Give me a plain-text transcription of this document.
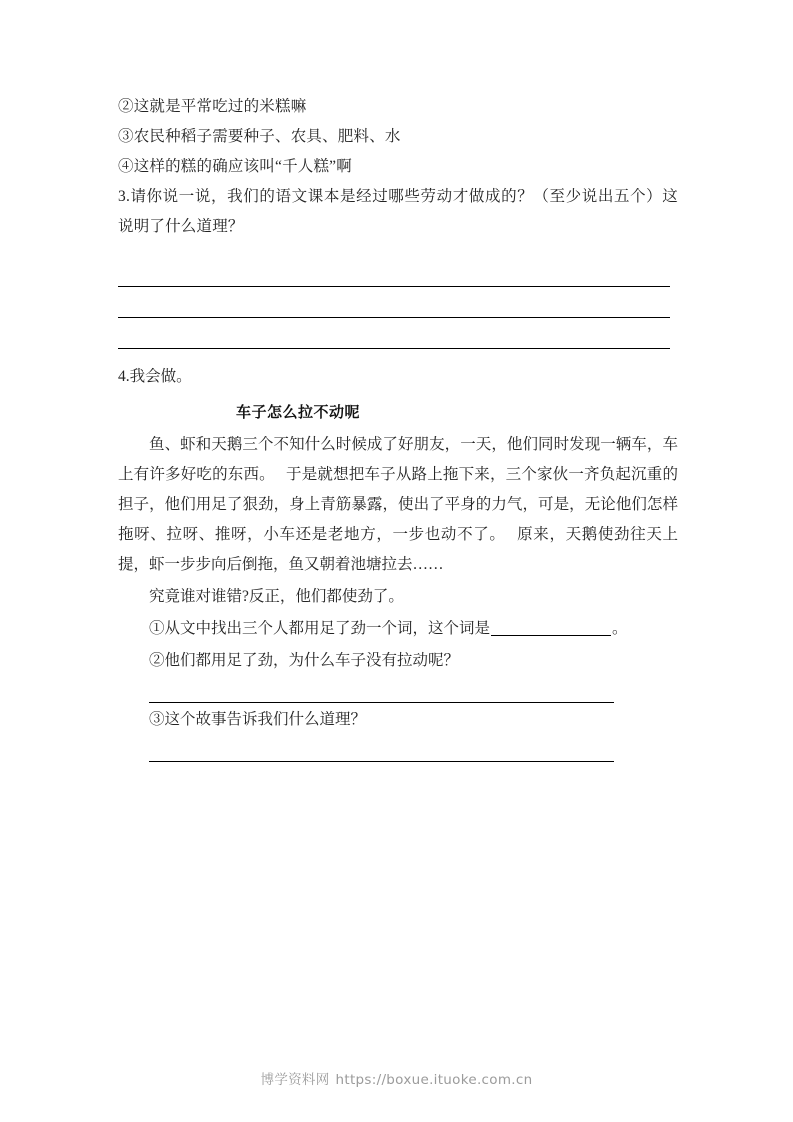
②这就是平常吃过的米糕嘛
③农民种稻子需要种子、农具、肥料、水
④这样的糕的确应该叫“千人糕”啊
3.请你说一说，我们的语文课本是经过哪些劳动才做成的？（至少说出五个）这说明了什么道理？
4.我会做。
车子怎么拉不动呢
鱼、虾和天鹅三个不知什么时候成了好朋友，一天，他们同时发现一辆车，车上有许多好吃的东西。 于是就想把车子从路上拖下来，三个家伙一齐负起沉重的担子，他们用足了狠劲，身上青筋暴露，使出了平身的力气，可是，无论他们怎样拖呀、拉呀、推呀，小车还是老地方，一步也动不了。 原来，天鹅使劲往天上提，虾一步步向后倒拖，鱼又朝着池塘拉去……
究竟谁对谁错?反正，他们都使劲了。
①从文中找出三个人都用足了劲一个词，这个词是	。
②他们都用足了劲，为什么车子没有拉动呢？
③这个故事告诉我们什么道理？
博学资料网 https://boxue.ituoke.com.cn
